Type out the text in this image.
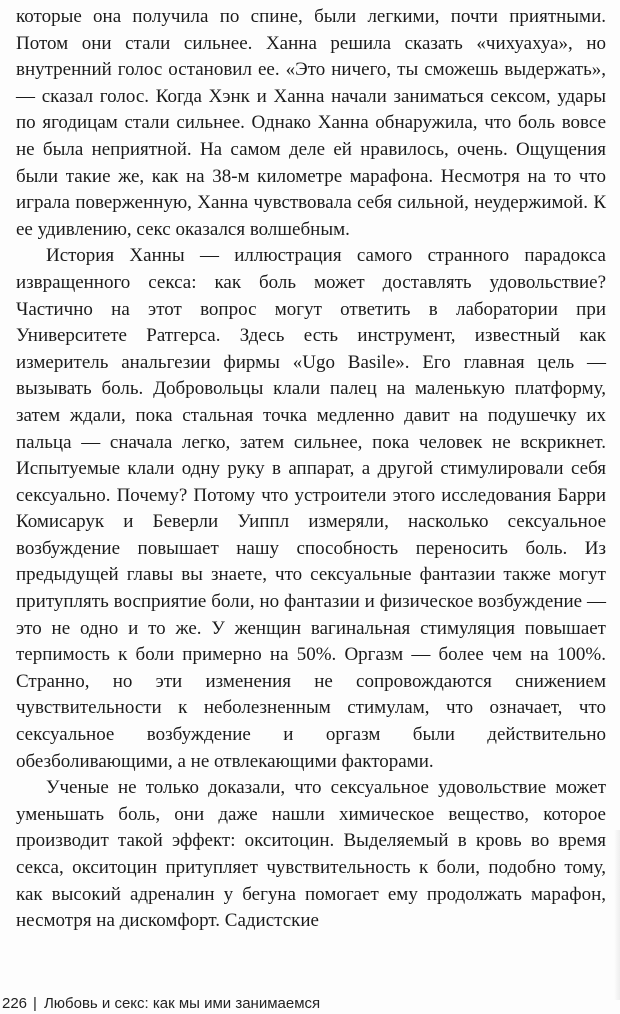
которые она получила по спине, были легкими, почти приятными. Потом они стали сильнее. Ханна решила сказать «чихуахуа», но внутренний голос остановил ее. «Это ничего, ты сможешь выдержать», — сказал голос. Когда Хэнк и Ханна начали заниматься сексом, удары по ягодицам стали сильнее. Однако Ханна обнаружила, что боль вовсе не была неприятной. На самом деле ей нравилось, очень. Ощущения были такие же, как на 38-м километре марафона. Несмотря на то что играла поверженную, Ханна чувствовала себя сильной, неудержимой. К ее удивлению, секс оказался волшебным.

История Ханны — иллюстрация самого странного парадокса извращенного секса: как боль может доставлять удовольствие? Частично на этот вопрос могут ответить в лаборатории при Университете Ратгерса. Здесь есть инструмент, известный как измеритель анальгезии фирмы «Ugo Basile». Его главная цель — вызывать боль. Добровольцы клали палец на маленькую платформу, затем ждали, пока стальная точка медленно давит на подушечку их пальца — сначала легко, затем сильнее, пока человек не вскрикнет. Испытуемые клали одну руку в аппарат, а другой стимулировали себя сексуально. Почему? Потому что устроители этого исследования Барри Комисарук и Беверли Уиппл измеряли, насколько сексуальное возбуждение повышает нашу способность переносить боль. Из предыдущей главы вы знаете, что сексуальные фантазии также могут притуплять восприятие боли, но фантазии и физическое возбуждение — это не одно и то же. У женщин вагинальная стимуляция повышает терпимость к боли примерно на 50%. Оргазм — более чем на 100%. Странно, но эти изменения не сопровождаются снижением чувствительности к неболезненным стимулам, что означает, что сексуальное возбуждение и оргазм были действительно обезболивающими, а не отвлекающими факторами.

Ученые не только доказали, что сексуальное удовольствие может уменьшать боль, они даже нашли химическое вещество, которое производит такой эффект: окситоцин. Выделяемый в кровь во время секса, окситоцин притупляет чувствительность к боли, подобно тому, как высокий адреналин у бегуна помогает ему продолжать марафон, несмотря на дискомфорт. Садистские

226 | Любовь и секс: как мы ими занимаемся
